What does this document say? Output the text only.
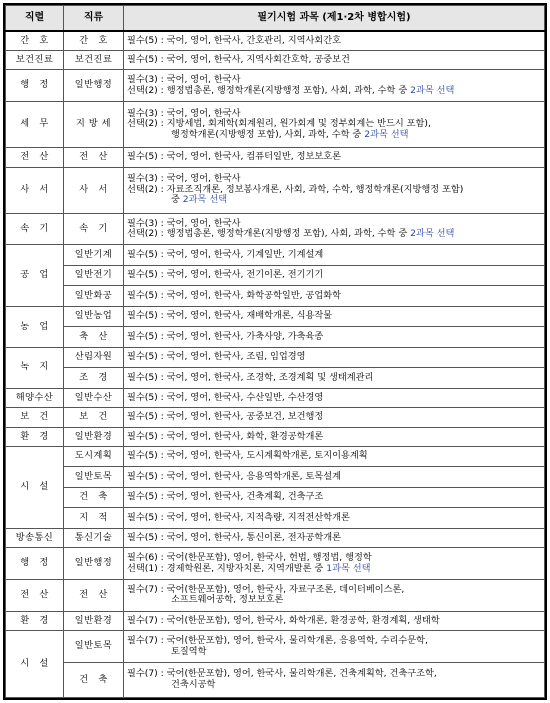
직렬	직류	필기시험 과목 (제1·2차 병합시험)
간　호	간　호	필수(5) : 국어, 영어, 한국사, 간호관리, 지역사회간호

보건진료	보건진료	필수(5) : 국어, 영어, 한국사, 지역사회간호학, 공중보건

행　정	일반행정	필수(3) : 국어, 영어, 한국사
선택(2) : 행정법총론, 행정학개론(지방행정 포함), 사회, 과학, 수학 중 2과목 선택

세　무	지 방 세	필수(3) : 국어, 영어, 한국사
선택(2) : 지방세법, 회계학(회계원리, 원가회계 및 정부회계는 반드시 포함),
행정학개론(지방행정 포함), 사회, 과학, 수학 중 2과목 선택

전　산	전　산	필수(5) : 국어, 영어, 한국사, 컴퓨터일반, 정보보호론

사　서	사　서	필수(3) : 국어, 영어, 한국사
선택(2) : 자료조직개론, 정보봉사개론, 사회, 과학, 수학, 행정학개론(지방행정 포함)
중 2과목 선택

속　기	속　기	필수(3) : 국어, 영어, 한국사
선택(2) : 행정법총론, 행정학개론(지방행정 포함), 사회, 과학, 수학 중 2과목 선택

공　업	일반기계	필수(5) : 국어, 영어, 한국사, 기계일반, 기계설계

	일반전기	필수(5) : 국어, 영어, 한국사, 전기이론, 전기기기

	일반화공	필수(5) : 국어, 영어, 한국사, 화학공학일반, 공업화학

농　업	일반농업	필수(5) : 국어, 영어, 한국사, 재배학개론, 식용작물

	축　산	필수(5) : 국어, 영어, 한국사, 가축사양, 가축육종

녹　지	산림자원	필수(5) : 국어, 영어, 한국사, 조림, 임업경영

	조　경	필수(5) : 국어, 영어, 한국사, 조경학, 조경계획 및 생태계관리

해양수산	일반수산	필수(5) : 국어, 영어, 한국사, 수산일반, 수산경영

보　건	보　건	필수(5) : 국어, 영어, 한국사, 공중보건, 보건행정

환　경	일반환경	필수(5) : 국어, 영어, 한국사, 화학, 환경공학개론

시　설	도시계획	필수(5) : 국어, 영어, 한국사, 도시계획학개론, 토지이용계획

	일반토목	필수(5) : 국어, 영어, 한국사, 응용역학개론, 토목설계

	건　축	필수(5) : 국어, 영어, 한국사, 건축계획, 건축구조

	지　적	필수(5) : 국어, 영어, 한국사, 지적측량, 지적전산학개론

방송통신	통신기술	필수(5) : 국어, 영어, 한국사, 통신이론, 전자공학개론

행　정	일반행정	필수(6) : 국어(한문포함), 영어, 한국사, 헌법, 행정법, 행정학
선택(1) : 경제학원론, 지방자치론, 지역개발론 중 1과목 선택

전　산	전　산	필수(7) : 국어(한문포함), 영어, 한국사, 자료구조론, 데이터베이스론,
소프트웨어공학, 정보보호론

환　경	일반환경	필수(7) : 국어(한문포함), 영어, 한국사, 화학개론, 환경공학, 환경계획, 생태학

시　설	일반토목	필수(7) : 국어(한문포함), 영어, 한국사, 물리학개론, 응용역학, 수리수문학,
토질역학

	건　축	필수(7) : 국어(한문포함), 영어, 한국사, 물리학개론, 건축계획학, 건축구조학,
건축시공학
